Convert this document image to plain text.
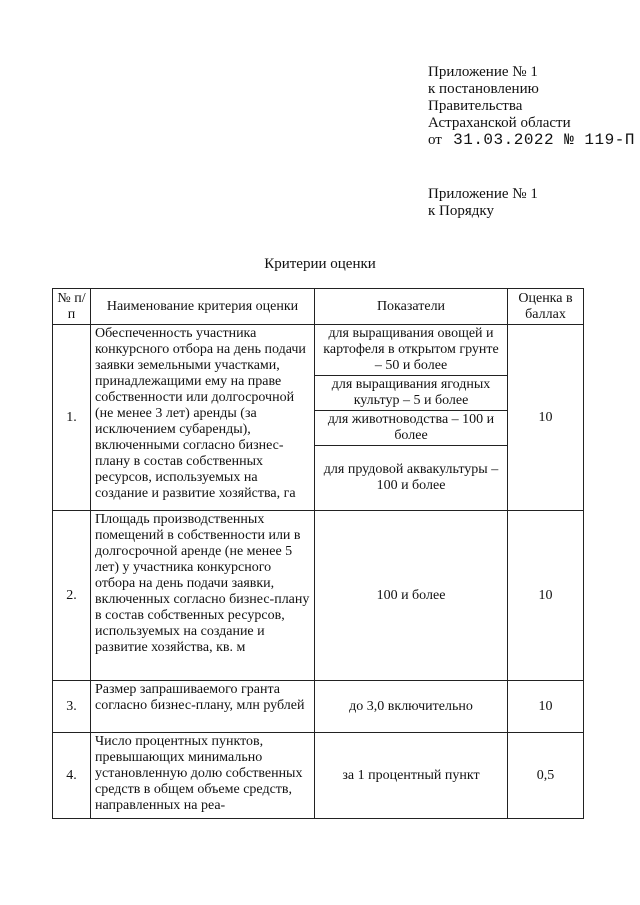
Приложение № 1
к постановлению
Правительства
Астраханской области
от 31.03.2022 № 119-П
Приложение № 1
к Порядку
Критерии оценки
№ п/п	Наименование критерия оценки	Показатели	Оценка в баллах
1.	Обеспеченность участника конкурсного отбора на день подачи заявки земельными участками, принадлежащими ему на праве собственности или долгосрочной (не менее 3 лет) аренды (за исключением субаренды), включенными согласно бизнес-плану в состав собственных ресурсов, используемых на создание и развитие хозяйства, га	для выращивания овощей и картофеля в открытом грунте – 50 и более	10
		для выращивания ягодных культур – 5 и более	
		для животноводства – 100 и более	
		для прудовой аквакультуры – 100 и более	
2.	Площадь производственных помещений в собственности или в долгосрочной аренде (не менее 5 лет) у участника конкурсного отбора на день подачи заявки, включенных согласно бизнес-плану в состав собственных ресурсов, используемых на создание и развитие хозяйства, кв. м	100 и более	10
3.	Размер запрашиваемого гранта согласно бизнес-плану, млн рублей	до 3,0 включительно	10
4.	Число процентных пунктов, превышающих минимально установленную долю собственных средств в общем объеме средств, направленных на реа-	за 1 процентный пункт	0,5
